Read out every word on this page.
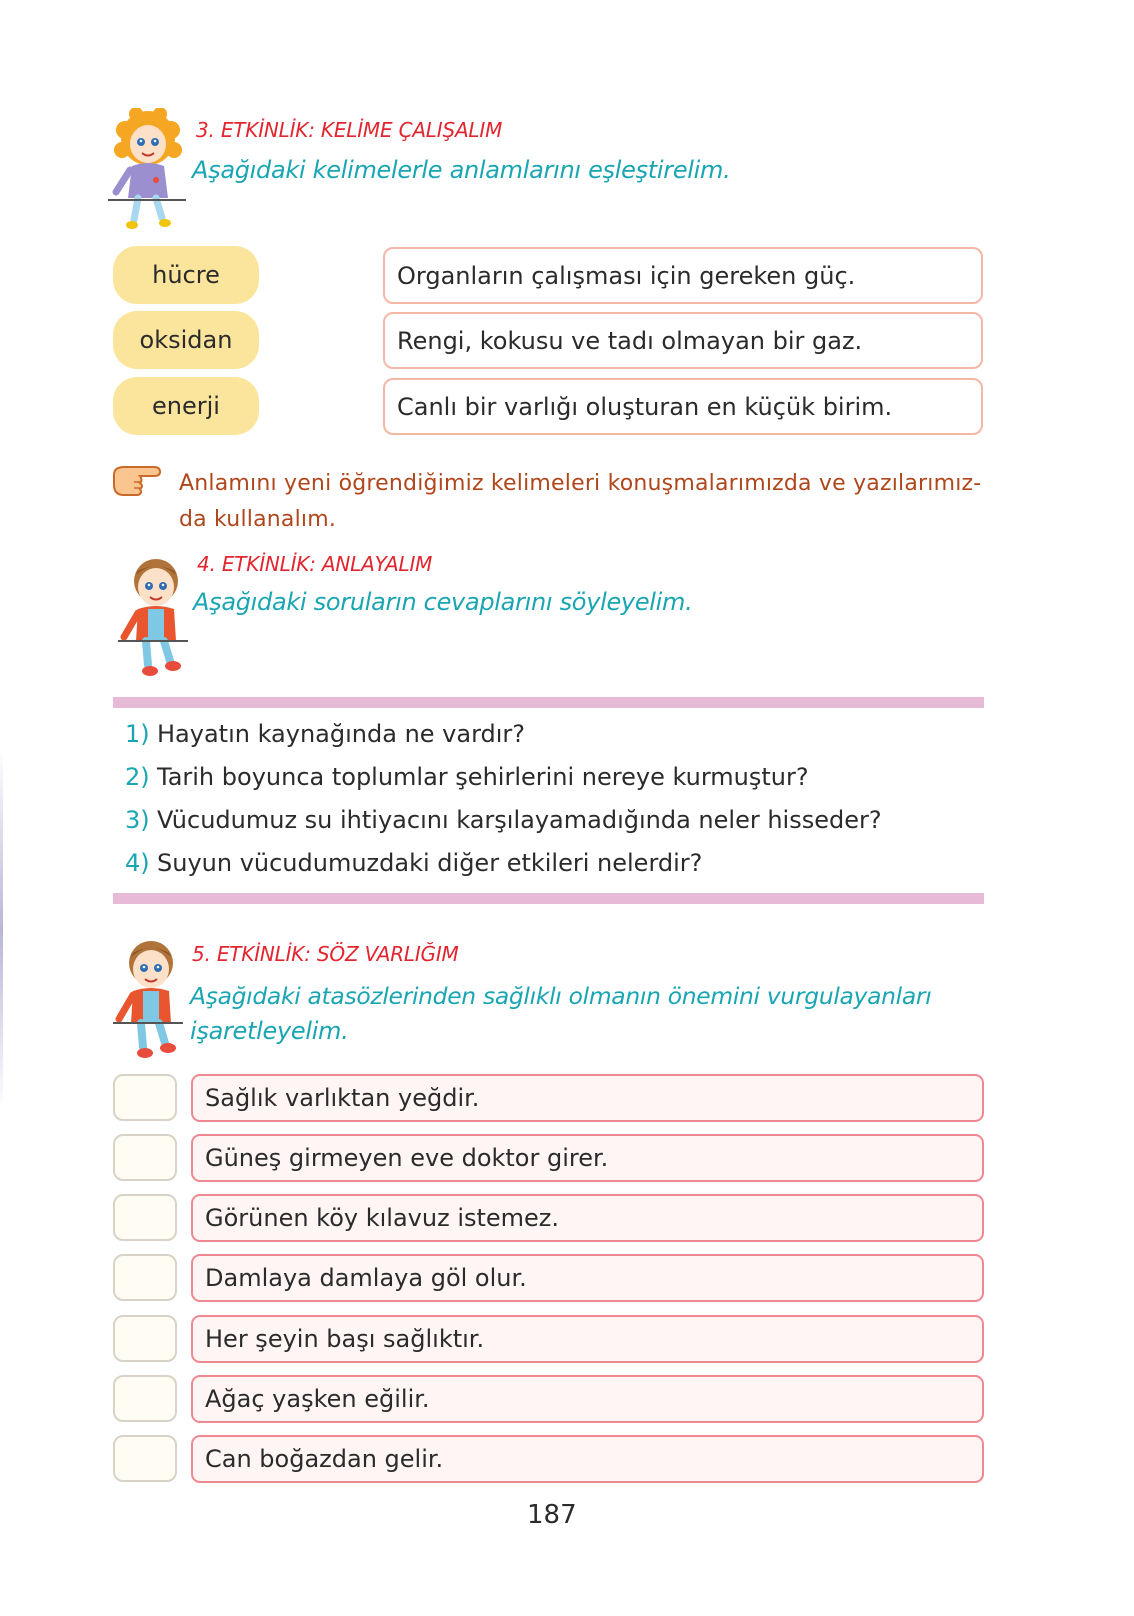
3. ETKİNLİK: KELİME ÇALIŞALIM
Aşağıdaki kelimelerle anlamlarını eşleştirelim.
hücre
oksidan
enerji
Organların çalışması için gereken güç.
Rengi, kokusu ve tadı olmayan bir gaz.
Canlı bir varlığı oluşturan en küçük birim.
Anlamını yeni öğrendiğimiz kelimeleri konuşmalarımızda ve yazılarımız-
da kullanalım.
4. ETKİNLİK: ANLAYALIM
Aşağıdaki soruların cevaplarını söyleyelim.
1) Hayatın kaynağında ne vardır?
2) Tarih boyunca toplumlar şehirlerini nereye kurmuştur?
3) Vücudumuz su ihtiyacını karşılayamadığında neler hisseder?
4) Suyun vücudumuzdaki diğer etkileri nelerdir?
5. ETKİNLİK: SÖZ VARLIĞIM
Aşağıdaki atasözlerinden sağlıklı olmanın önemini vurgulayanları
işaretleyelim.
Sağlık varlıktan yeğdir.
Güneş girmeyen eve doktor girer.
Görünen köy kılavuz istemez.
Damlaya damlaya göl olur.
Her şeyin başı sağlıktır.
Ağaç yaşken eğilir.
Can boğazdan gelir.
187
